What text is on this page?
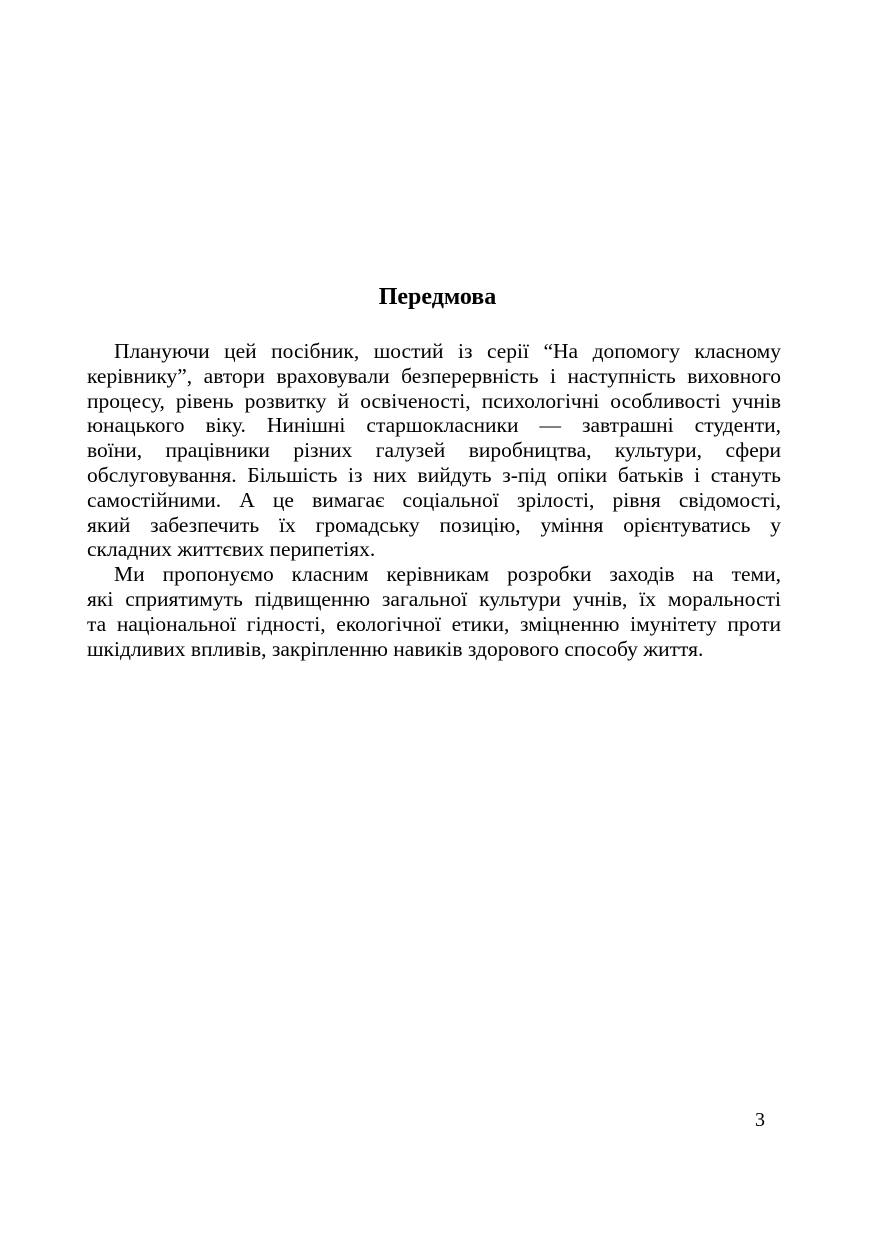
Передмова
Плануючи цей посібник, шостий із серії “На допомогу класному
керівнику”, автори враховували безперервність і наступність виховного
процесу, рівень розвитку й освіченості, психологічні особливості учнів
юнацького віку. Нинішні старшокласники — завтрашні студенти,
воїни, працівники різних галузей виробництва, культури, сфери
обслуговування. Більшість із них вийдуть з-під опіки батьків і стануть
самостійними. А це вимагає соціальної зрілості, рівня свідомості,
який забезпечить їх громадську позицію, уміння орієнтуватись у
складних життєвих перипетіях.
Ми пропонуємо класним керівникам розробки заходів на теми,
які сприятимуть підвищенню загальної культури учнів, їх моральності
та національної гідності, екологічної етики, зміцненню імунітету проти
шкідливих впливів, закріпленню навиків здорового способу життя.
3
